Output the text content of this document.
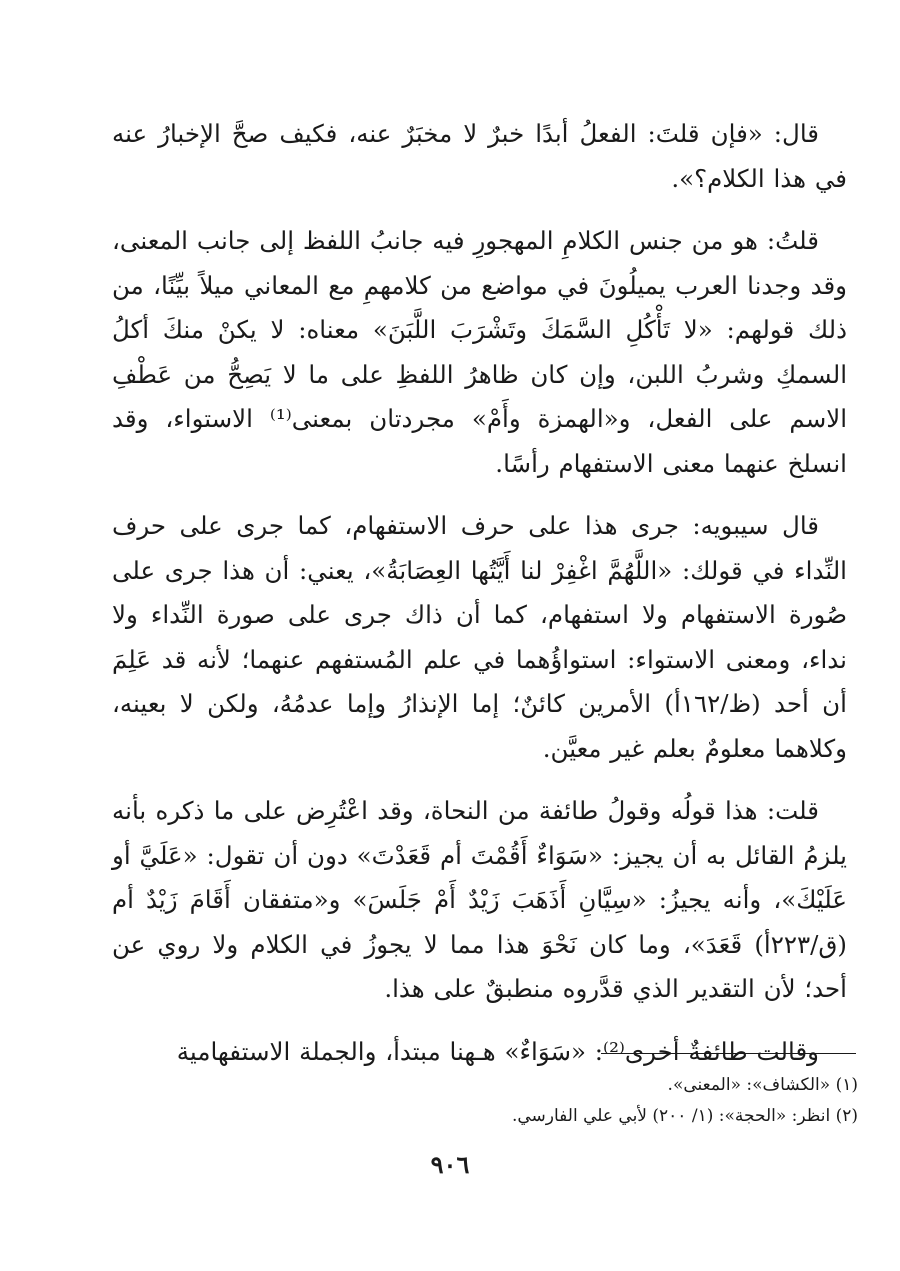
قال: «فإن قلتَ: الفعلُ أبدًا خبرٌ لا مخبَرٌ عنه، فكيف صحَّ الإخبارُ عنه في هذا الكلام؟».

قلتُ: هو من جنس الكلامِ المهجورِ فيه جانبُ اللفظ إلى جانب المعنى، وقد وجدنا العرب يميلُونَ في مواضع من كلامهمِ مع المعاني ميلاً بيِّنًا، من ذلك قولهم: «لا تَأْكُلِ السَّمَكَ وتَشْرَبَ اللَّبَنَ» معناه: لا يكنْ منكَ أكلُ السمكِ وشربُ اللبن، وإن كان ظاهرُ اللفظِ على ما لا يَصِحُّ من عَطْفِ الاسم على الفعل، و«الهمزة وأَمْ» مجردتان بمعنى⁽¹⁾ الاستواء، وقد انسلخ عنهما معنى الاستفهام رأسًا.

قال سيبويه: جرى هذا على حرف الاستفهام، كما جرى على حرف النِّداء في قولك: «اللَّهُمَّ اغْفِرْ لنا أَيَّتُها العِصَابَةُ»، يعني: أن هذا جرى على صُورة الاستفهام ولا استفهام، كما أن ذاك جرى على صورة النِّداء ولا نداء، ومعنى الاستواء: استواؤُهما في علم المُستفهم عنهما؛ لأنه قد عَلِمَ أن أحد (ظ/١٦٢أ) الأمرين كائنٌ؛ إما الإنذارُ وإما عدمُهُ، ولكن لا بعينه، وكلاهما معلومٌ بعلم غير معيَّن.

قلت: هذا قولُه وقولُ طائفة من النحاة، وقد اعْتُرِض على ما ذكره بأنه يلزمُ القائل به أن يجيز: «سَوَاءٌ أَقُمْتَ أم قَعَدْتَ» دون أن تقول: «عَلَيَّ أو عَلَيْكَ»، وأنه يجيزُ: «سِيَّانِ أَذَهَبَ زَيْدٌ أَمْ جَلَسَ» و«متفقان أَقَامَ زَيْدٌ أم (ق/٢٢٣أ) قَعَدَ»، وما كان نَحْوَ هذا مما لا يجوزُ في الكلام ولا روي عن أحد؛ لأن التقدير الذي قدَّروه منطبقٌ على هذا.

وقالت طائفةٌ أخرى⁽²⁾: «سَوَاءٌ» هـهنا مبتدأ، والجملة الاستفهامية

(١) «الكشاف»: «المعنى».

(٢) انظر: «الحجة»: (١/ ٢٠٠) لأبي علي الفارسي.

٩٠٦
